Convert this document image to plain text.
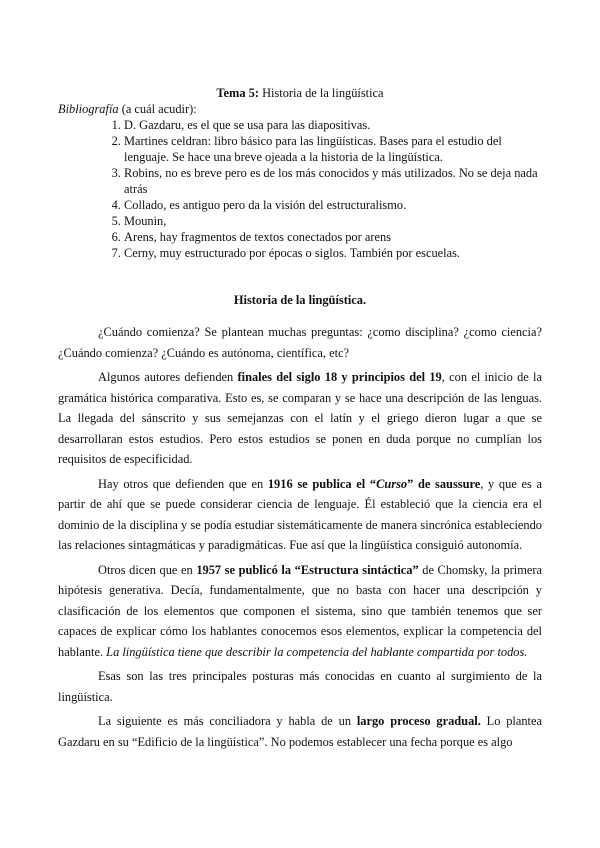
Tema 5: Historia de la lingüística

Bibliografía (a cuál acudir):

1. D. Gazdaru, es el que se usa para las diapositivas.
2. Martines celdran: libro básico para las lingüísticas. Bases para el estudio del lenguaje. Se hace una breve ojeada a la historia de la lingüística.
3. Robins, no es breve pero es de los más conocidos y más utilizados. No se deja nada atrás
4. Collado, es antiguo pero da la visión del estructuralismo.
5. Mounin,
6. Arens, hay fragmentos de textos conectados por arens
7. Cerny, muy estructurado por épocas o siglos. También por escuelas.

Historia de la lingüística.

¿Cuándo comienza? Se plantean muchas preguntas: ¿como disciplina? ¿como ciencia? ¿Cuándo comienza? ¿Cuándo es autónoma, científica, etc?

Algunos autores defienden finales del siglo 18 y principios del 19, con el inicio de la gramática histórica comparativa. Esto es, se comparan y se hace una descripción de las lenguas. La llegada del sánscrito y sus semejanzas con el latín y el griego dieron lugar a que se desarrollaran estos estudios. Pero estos estudios se ponen en duda porque no cumplían los requisitos de especificidad.

Hay otros que defienden que en 1916 se publica el “Curso” de saussure, y que es a partir de ahí que se puede considerar ciencia de lenguaje. Él estableció que la ciencia era el dominio de la disciplina y se podía estudiar sistemáticamente de manera sincrónica estableciendo las relaciones sintagmáticas y paradigmáticas. Fue así que la lingüística consiguió autonomía.

Otros dicen que en 1957 se publicó la “Estructura sintáctica” de Chomsky, la primera hipótesis generativa. Decía, fundamentalmente, que no basta con hacer una descripción y clasificación de los elementos que componen el sistema, sino que también tenemos que ser capaces de explicar cómo los hablantes conocemos esos elementos, explicar la competencia del hablante. La lingüística tiene que describir la competencia del hablante compartida por todos.

Esas son las tres principales posturas más conocidas en cuanto al surgimiento de la lingüística.

La siguiente es más conciliadora y habla de un largo proceso gradual. Lo plantea Gazdaru en su “Edificio de la lingüística”. No podemos establecer una fecha porque es algo
